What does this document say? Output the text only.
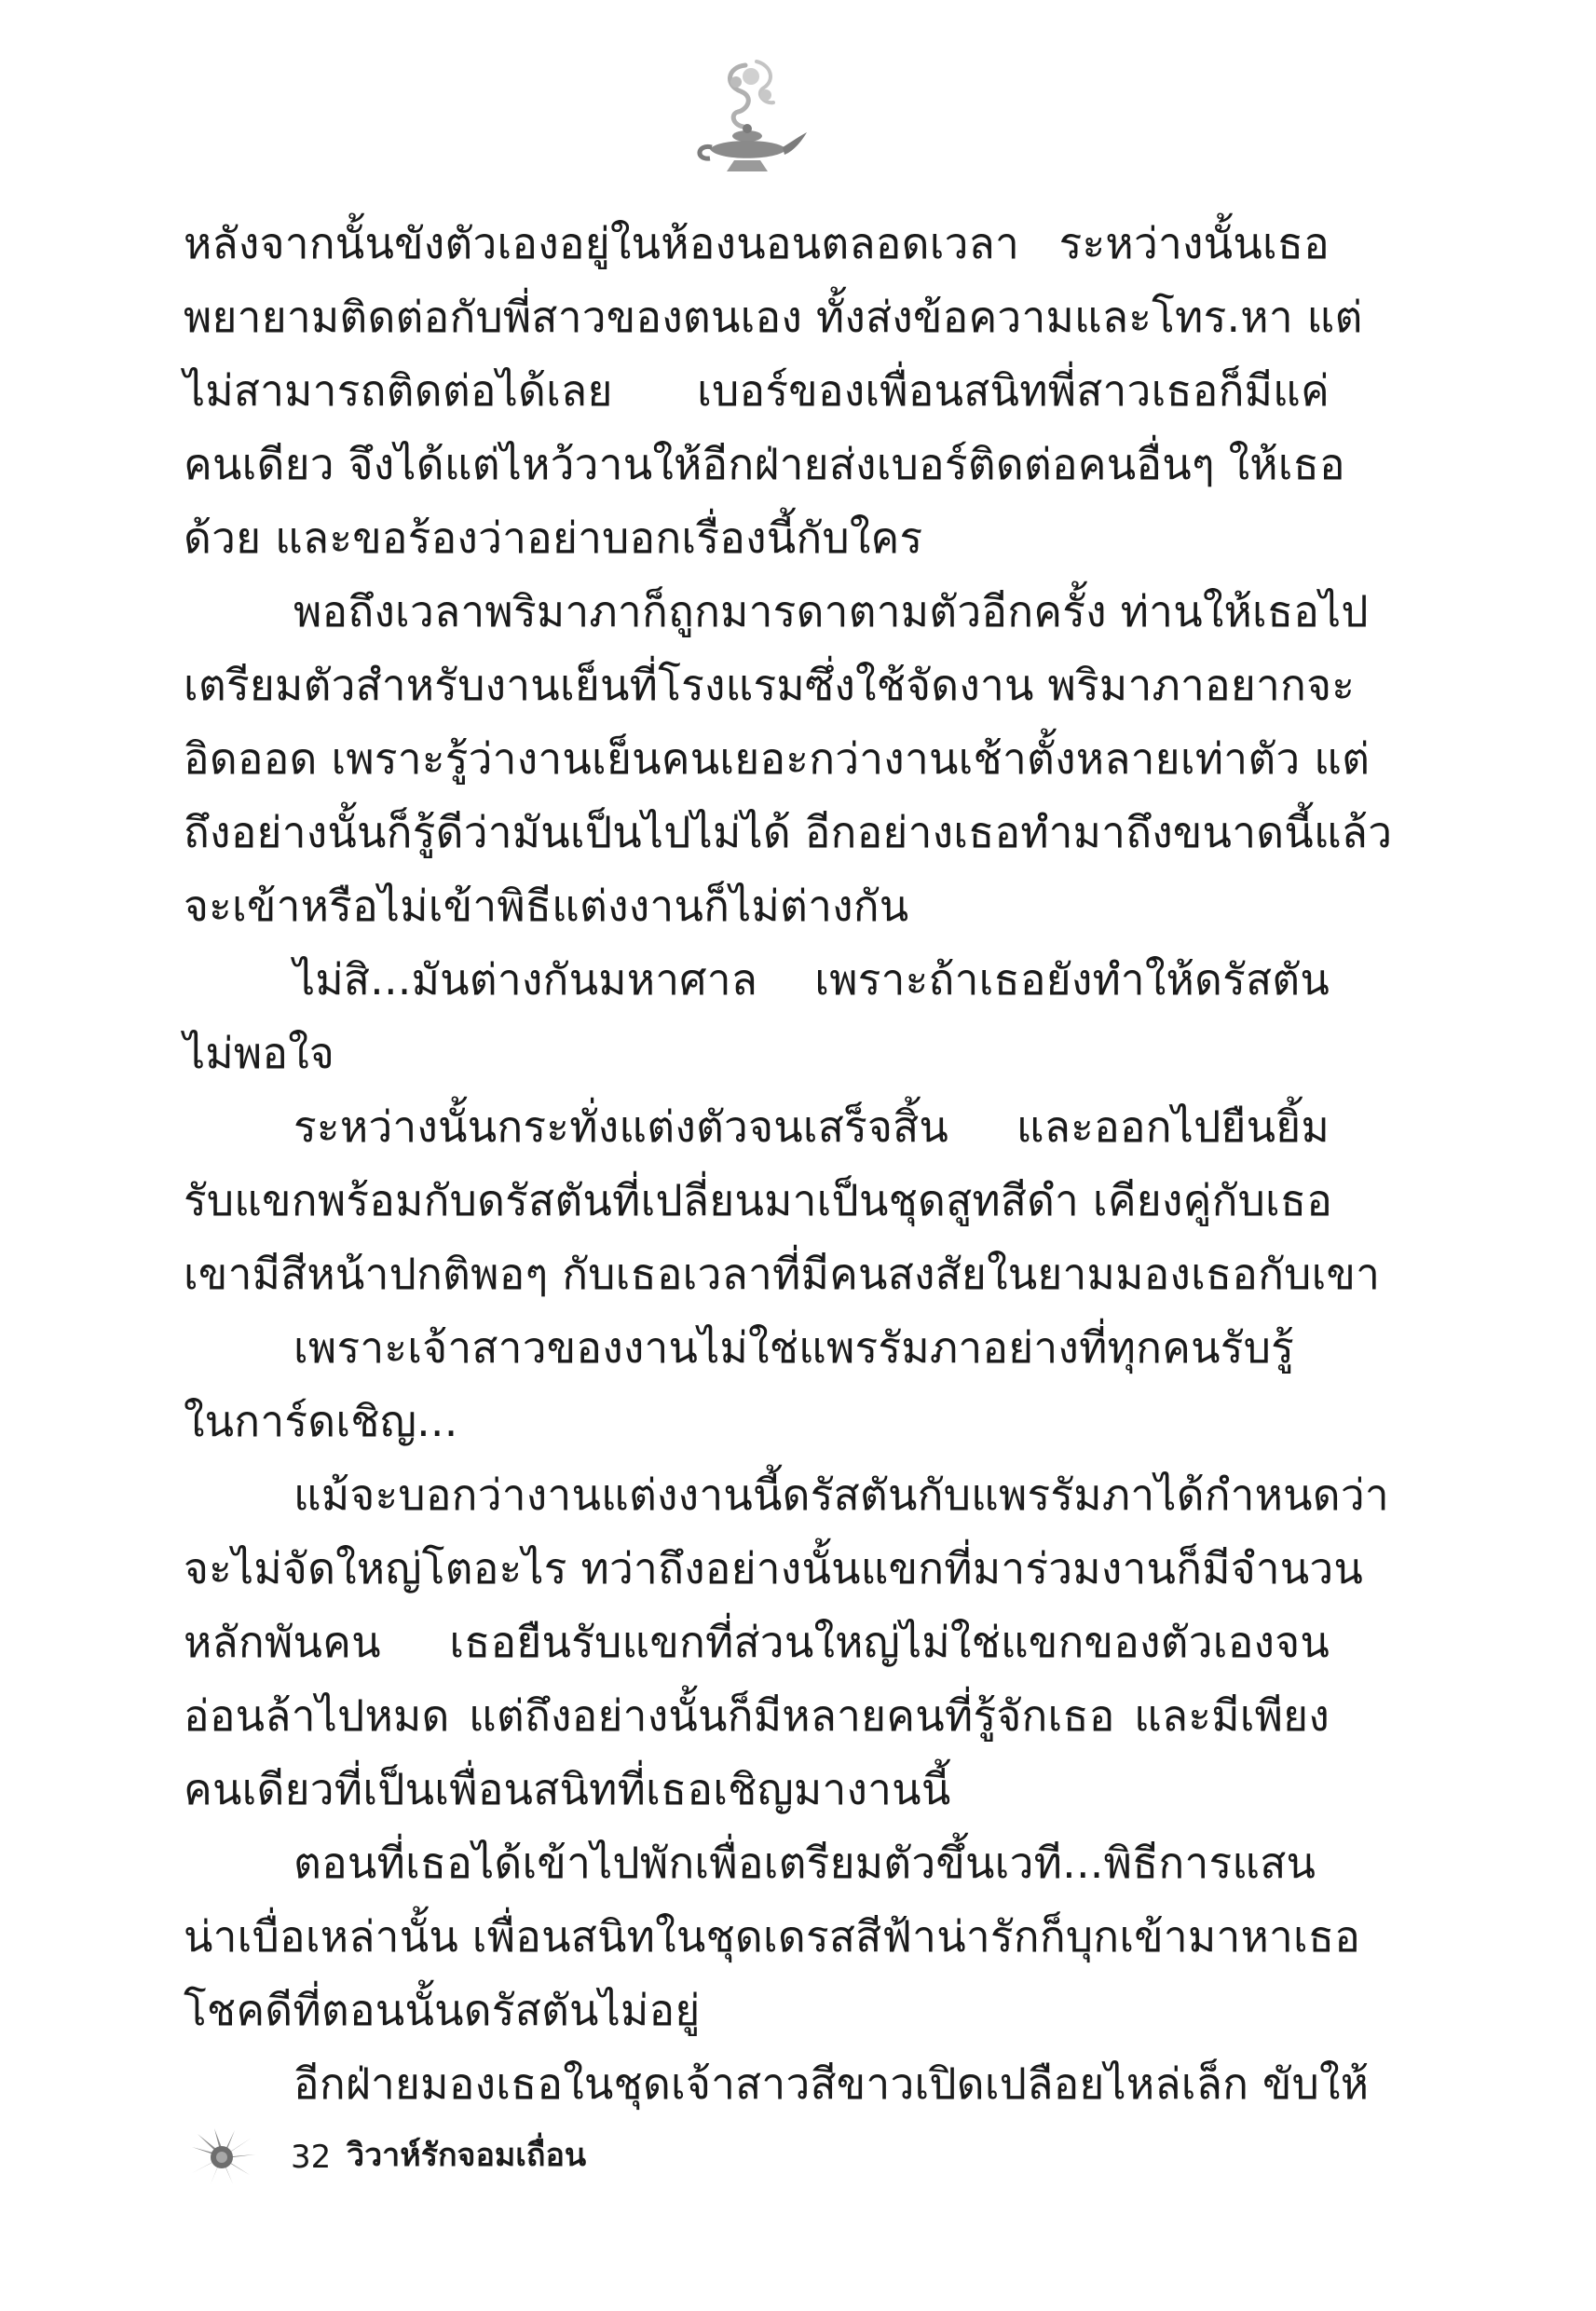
หลังจากนั้นขังตัวเองอยู่ในห้องนอนตลอดเวลา ระหว่างนั้นเธอ
พยายามติดต่อกับพี่สาวของตนเอง ทั้งส่งข้อความและโทร.หา แต่
ไม่สามารถติดต่อได้เลย เบอร์ของเพื่อนสนิทพี่สาวเธอก็มีแค่
คนเดียว จึงได้แต่ไหว้วานให้อีกฝ่ายส่งเบอร์ติดต่อคนอื่นๆ ให้เธอ
ด้วย และขอร้องว่าอย่าบอกเรื่องนี้กับใคร
พอถึงเวลาพริมาภาก็ถูกมารดาตามตัวอีกครั้ง ท่านให้เธอไป
เตรียมตัวสำหรับงานเย็นที่โรงแรมซึ่งใช้จัดงาน พริมาภาอยากจะ
อิดออด เพราะรู้ว่างานเย็นคนเยอะกว่างานเช้าตั้งหลายเท่าตัว แต่
ถึงอย่างนั้นก็รู้ดีว่ามันเป็นไปไม่ได้ อีกอย่างเธอทำมาถึงขนาดนี้แล้ว
จะเข้าหรือไม่เข้าพิธีแต่งงานก็ไม่ต่างกัน
ไม่สิ...มันต่างกันมหาศาล เพราะถ้าเธอยังทำให้ดรัสตัน
ไม่พอใจ
ระหว่างนั้นกระทั่งแต่งตัวจนเสร็จสิ้น และออกไปยืนยิ้ม
รับแขกพร้อมกับดรัสตันที่เปลี่ยนมาเป็นชุดสูทสีดำ เคียงคู่กับเธอ
เขามีสีหน้าปกติพอๆ กับเธอเวลาที่มีคนสงสัยในยามมองเธอกับเขา
เพราะเจ้าสาวของงานไม่ใช่แพรรัมภาอย่างที่ทุกคนรับรู้
ในการ์ดเชิญ...
แม้จะบอกว่างานแต่งงานนี้ดรัสตันกับแพรรัมภาได้กำหนดว่า
จะไม่จัดใหญ่โตอะไร ทว่าถึงอย่างนั้นแขกที่มาร่วมงานก็มีจำนวน
หลักพันคน เธอยืนรับแขกที่ส่วนใหญ่ไม่ใช่แขกของตัวเองจน
อ่อนล้าไปหมด แต่ถึงอย่างนั้นก็มีหลายคนที่รู้จักเธอ และมีเพียง
คนเดียวที่เป็นเพื่อนสนิทที่เธอเชิญมางานนี้
ตอนที่เธอได้เข้าไปพักเพื่อเตรียมตัวขึ้นเวที...พิธีการแสน
น่าเบื่อเหล่านั้น เพื่อนสนิทในชุดเดรสสีฟ้าน่ารักก็บุกเข้ามาหาเธอ
โชคดีที่ตอนนั้นดรัสตันไม่อยู่
อีกฝ่ายมองเธอในชุดเจ้าสาวสีขาวเปิดเปลือยไหล่เล็ก ขับให้
32 วิวาห์รักจอมเถื่อน
